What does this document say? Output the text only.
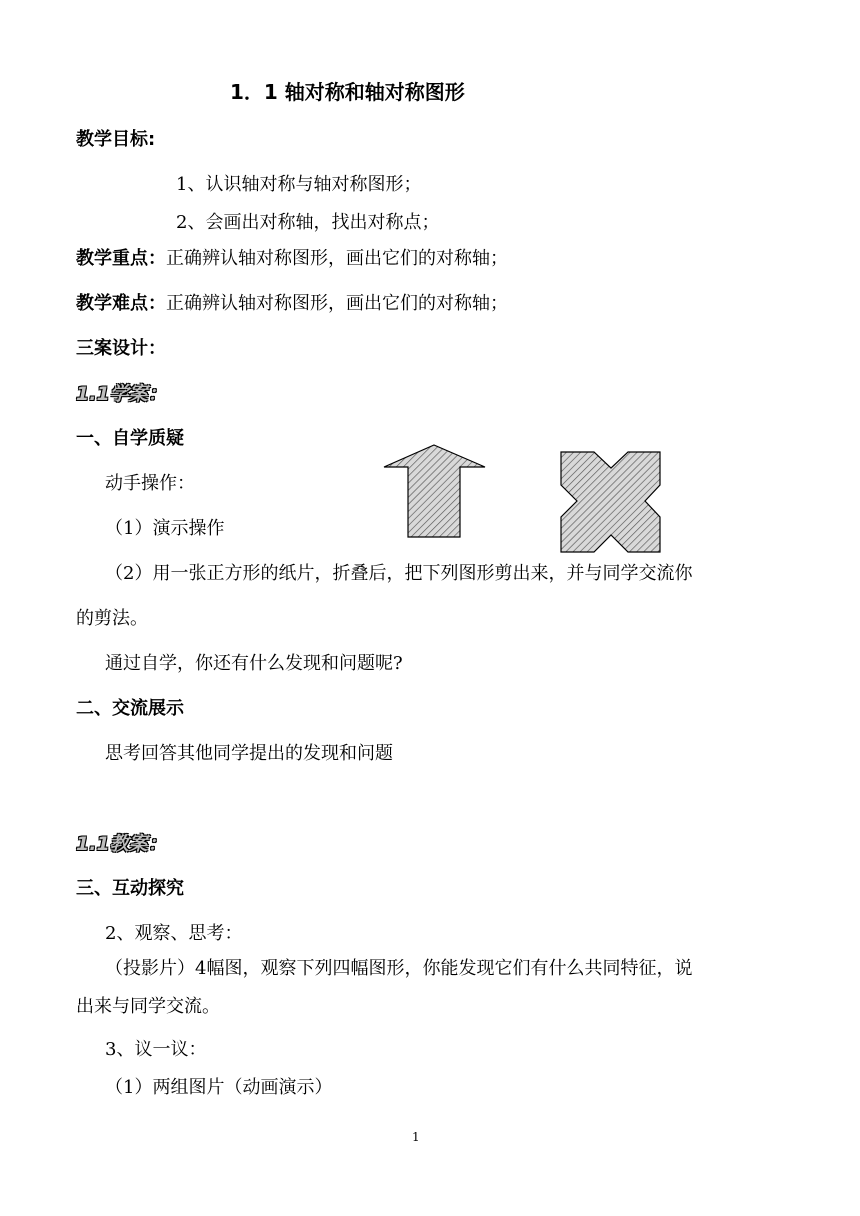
1．1 轴对称和轴对称图形
教学目标:
1、认识轴对称与轴对称图形；
2、会画出对称轴，找出对称点；
教学重点：正确辨认轴对称图形，画出它们的对称轴；
教学难点：正确辨认轴对称图形，画出它们的对称轴；
三案设计：
1.1学案：
一、自学质疑
动手操作：
（1）演示操作
（2）用一张正方形的纸片，折叠后，把下列图形剪出来，并与同学交流你
的剪法。
通过自学，你还有什么发现和问题呢?
二、交流展示
思考回答其他同学提出的发现和问题
1.1教案：
三、互动探究
2、观察、思考：
（投影片）4幅图，观察下列四幅图形，你能发现它们有什么共同特征，说
出来与同学交流。
3、议一议：
（1）两组图片（动画演示）
1
